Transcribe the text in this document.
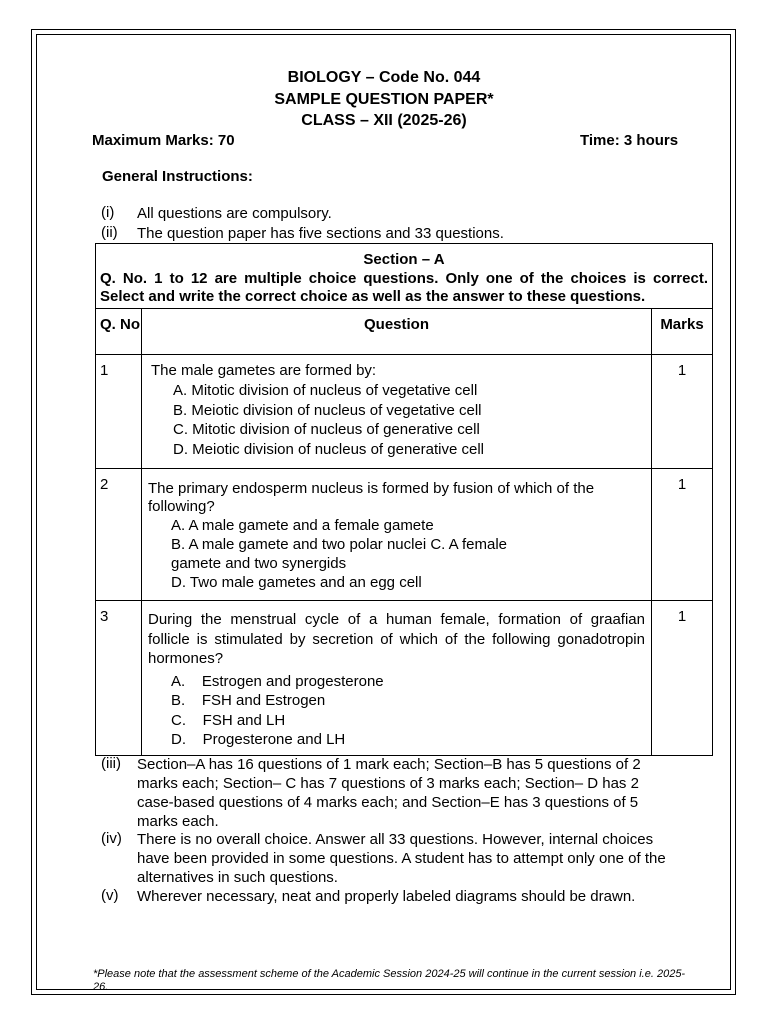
BIOLOGY – Code No. 044
SAMPLE QUESTION PAPER*
CLASS – XII (2025-26)
Maximum Marks: 70	Time: 3 hours
General Instructions:
(i) All questions are compulsory.
(ii) The question paper has five sections and 33 questions.
Section – A
Q. No. 1 to 12 are multiple choice questions. Only one of the choices is correct. Select and write the correct choice as well as the answer to these questions.		

Q. No	Question	Marks
1	The male gametes are formed by:
A. Mitotic division of nucleus of vegetative cell
B. Meiotic division of nucleus of vegetative cell
C. Mitotic division of nucleus of generative cell
D. Meiotic division of nucleus of generative cell	1
2	The primary endosperm nucleus is formed by fusion of which of the following?
A. A male gamete and a female gamete
B. A male gamete and two polar nuclei C. A female
gamete and two synergids
D. Two male gametes and an egg cell	1
3	During the menstrual cycle of a human female, formation of graafian follicle is stimulated by secretion of which of the following gonadotropin hormones?
A.    Estrogen and progesterone
B.    FSH and Estrogen
C.    FSH and LH
D.    Progesterone and LH	1
(iii) Section–A has 16 questions of 1 mark each; Section–B has 5 questions of 2
marks each; Section– C has 7 questions of 3 marks each; Section– D has 2
case-based questions of 4 marks each; and Section–E has 3 questions of 5
marks each.
(iv) There is no overall choice. Answer all 33 questions. However, internal choices
have been provided in some questions. A student has to attempt only one of the
alternatives in such questions.
(v) Wherever necessary, neat and properly labeled diagrams should be drawn.
*Please note that the assessment scheme of the Academic Session 2024-25 will continue in the current session i.e. 2025-26.
